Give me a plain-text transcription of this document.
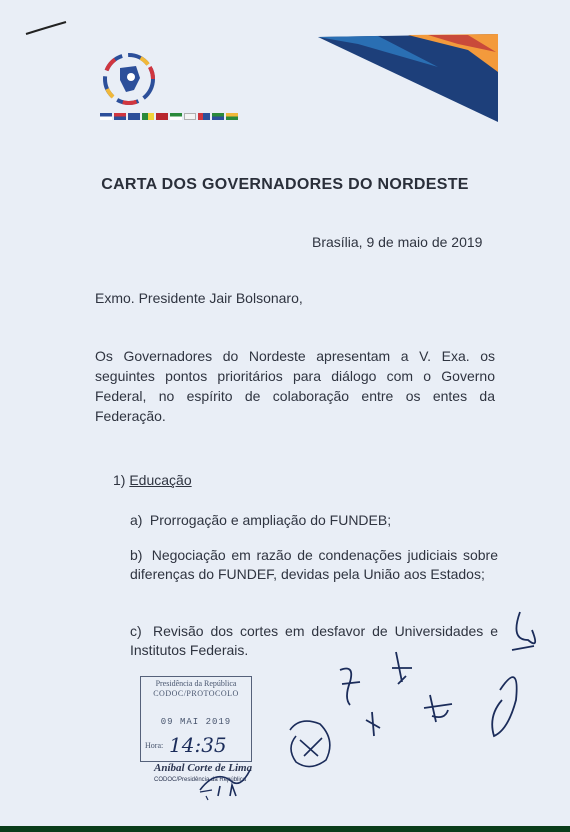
CARTA DOS GOVERNADORES DO NORDESTE
Brasília, 9 de maio de 2019
Exmo. Presidente Jair Bolsonaro,
Os Governadores do Nordeste apresentam a V. Exa. os seguintes pontos prioritários para diálogo com o Governo Federal, no espírito de colaboração entre os entes da Federação.
1) Educação
a) Prorrogação e ampliação do FUNDEB;
b) Negociação em razão de condenações judiciais sobre diferenças do FUNDEF, devidas pela União aos Estados;
c) Revisão dos cortes em desfavor de Universidades e Institutos Federais.
Presidência da República
CODOC/PROTOCOLO
09 MAI 2019
Hora: 14:35
Aníbal Corte de Lima
CODOC/Presidência da República
